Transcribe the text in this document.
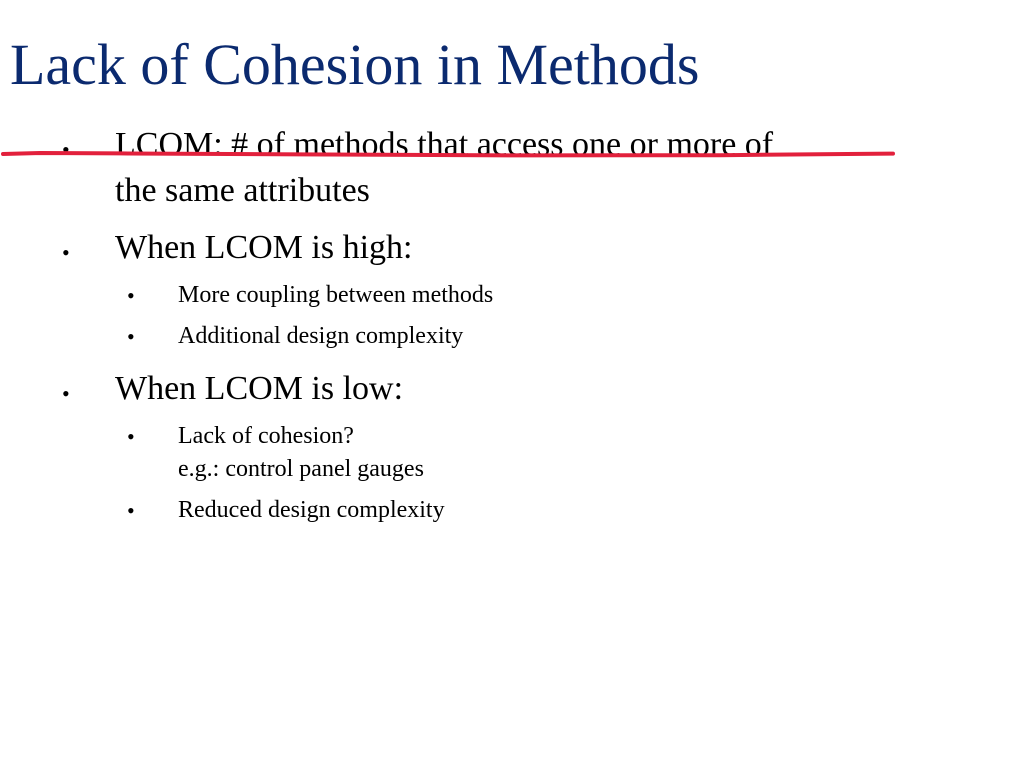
Lack of Cohesion in Methods
• LCOM: # of methods that access one or more of
the same attributes
• When LCOM is high:
• More coupling between methods
• Additional design complexity
• When LCOM is low:
• Lack of cohesion?
e.g.: control panel gauges
• Reduced design complexity
